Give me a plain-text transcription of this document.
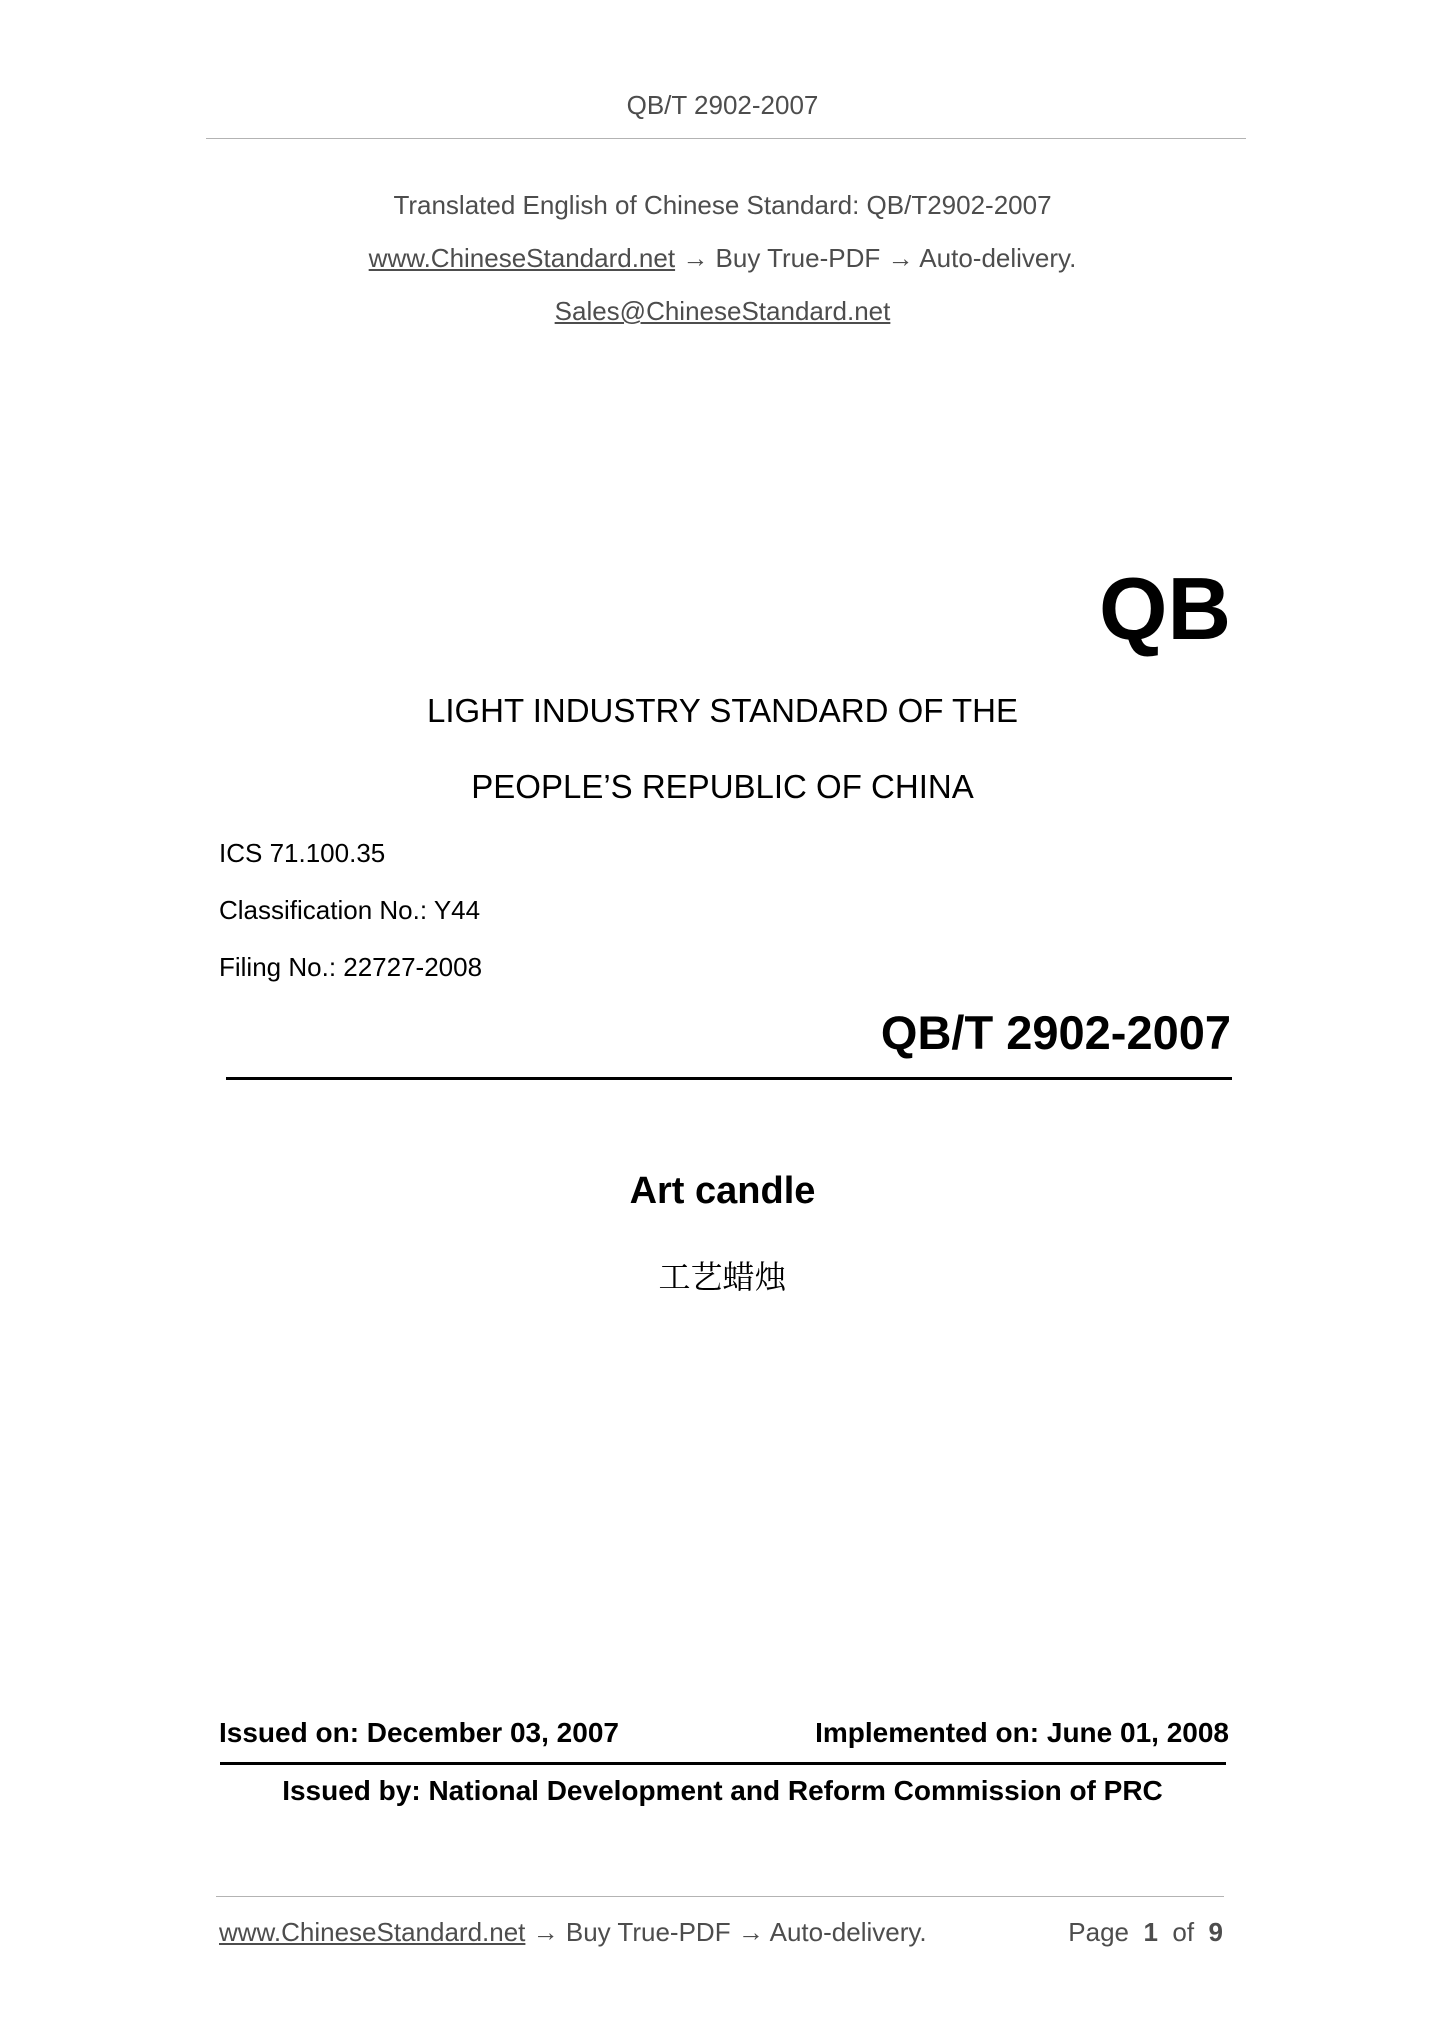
QB/T 2902-2007
Translated English of Chinese Standard: QB/T2902-2007
www.ChineseStandard.net → Buy True-PDF → Auto-delivery.
Sales@ChineseStandard.net
QB
LIGHT INDUSTRY STANDARD OF THE
PEOPLE’S REPUBLIC OF CHINA
ICS 71.100.35
Classification No.: Y44
Filing No.: 22727-2008
QB/T 2902-2007
Art candle
工艺蜡烛
Issued on: December 03, 2007	Implemented on: June 01, 2008
Issued by: National Development and Reform Commission of PRC
www.ChineseStandard.net → Buy True-PDF → Auto-delivery.	Page 1 of 9
